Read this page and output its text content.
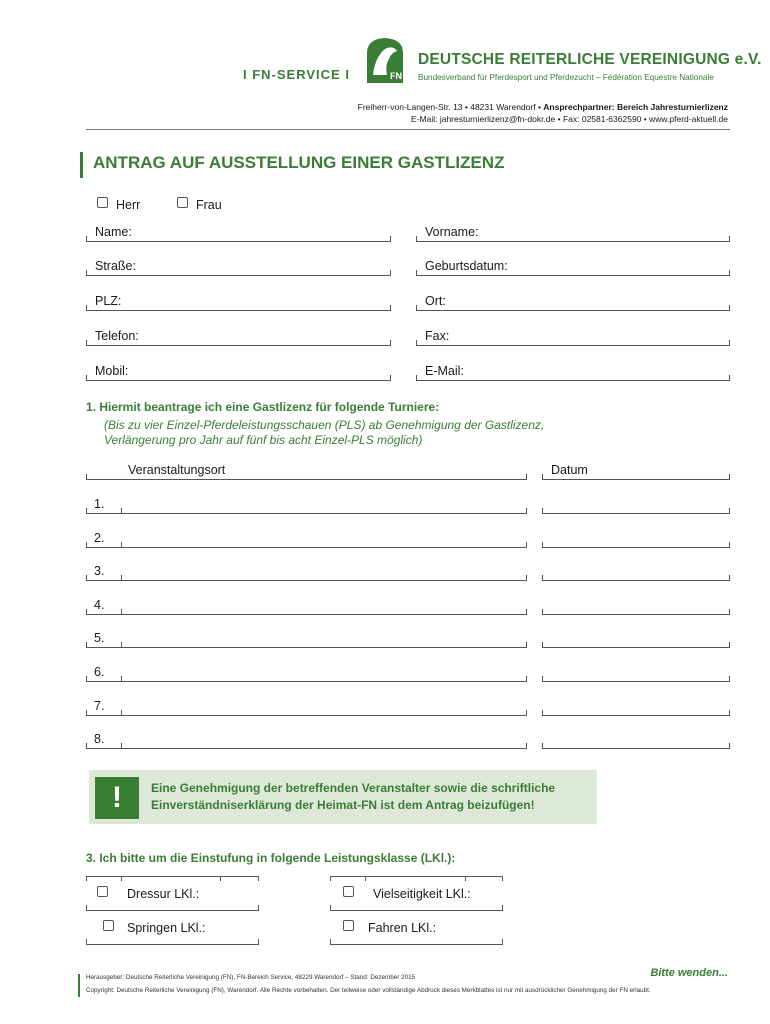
I FN-SERVICE I	FN
DEUTSCHE REITERLICHE VEREINIGUNG e.V.
Bundesverband für Pferdesport und Pferdezucht – Fédération Equestre Nationale
Freiherr-von-Langen-Str. 13 • 48231 Warendorf • Ansprechpartner: Bereich Jahresturnierlizenz
E-Mail: jahresturnierlizenz@fn-dokr.de • Fax: 02581-6362590 • www.pferd-aktuell.de
ANTRAG AUF AUSSTELLUNG EINER GASTLIZENZ
Herr	Frau
Name:	Vorname:
Straße:	Geburtsdatum:
PLZ:	Ort:
Telefon:	Fax:
Mobil:	E-Mail:
1. Hiermit beantrage ich eine Gastlizenz für folgende Turniere:
(Bis zu vier Einzel-Pferdeleistungsschauen (PLS) ab Genehmigung der Gastlizenz,
Verlängerung pro Jahr auf fünf bis acht Einzel-PLS möglich)
Veranstaltungsort	Datum
1.
2.
3.
4.
5.
6.
7.
8.
!	Eine Genehmigung der betreffenden Veranstalter sowie die schriftliche
Einverständniserklärung der Heimat-FN ist dem Antrag beizufügen!
3. Ich bitte um die Einstufung in folgende Leistungsklasse (LKl.):
Dressur LKl.:	Vielseitigkeit LKl.:
Springen LKl.:	Fahren LKl.:
Bitte wenden...
Herausgeber: Deutsche Reiterliche Vereinigung (FN), FN-Bereich Service, 48229 Warendorf – Stand: Dezember 2015
Copyright: Deutsche Reiterliche Vereinigung (FN), Warendorf. Alle Rechte vorbehalten. Der teilweise oder vollständige Abdruck dieses Merkblattes ist nur mit ausdrücklicher Genehmigung der FN erlaubt.
